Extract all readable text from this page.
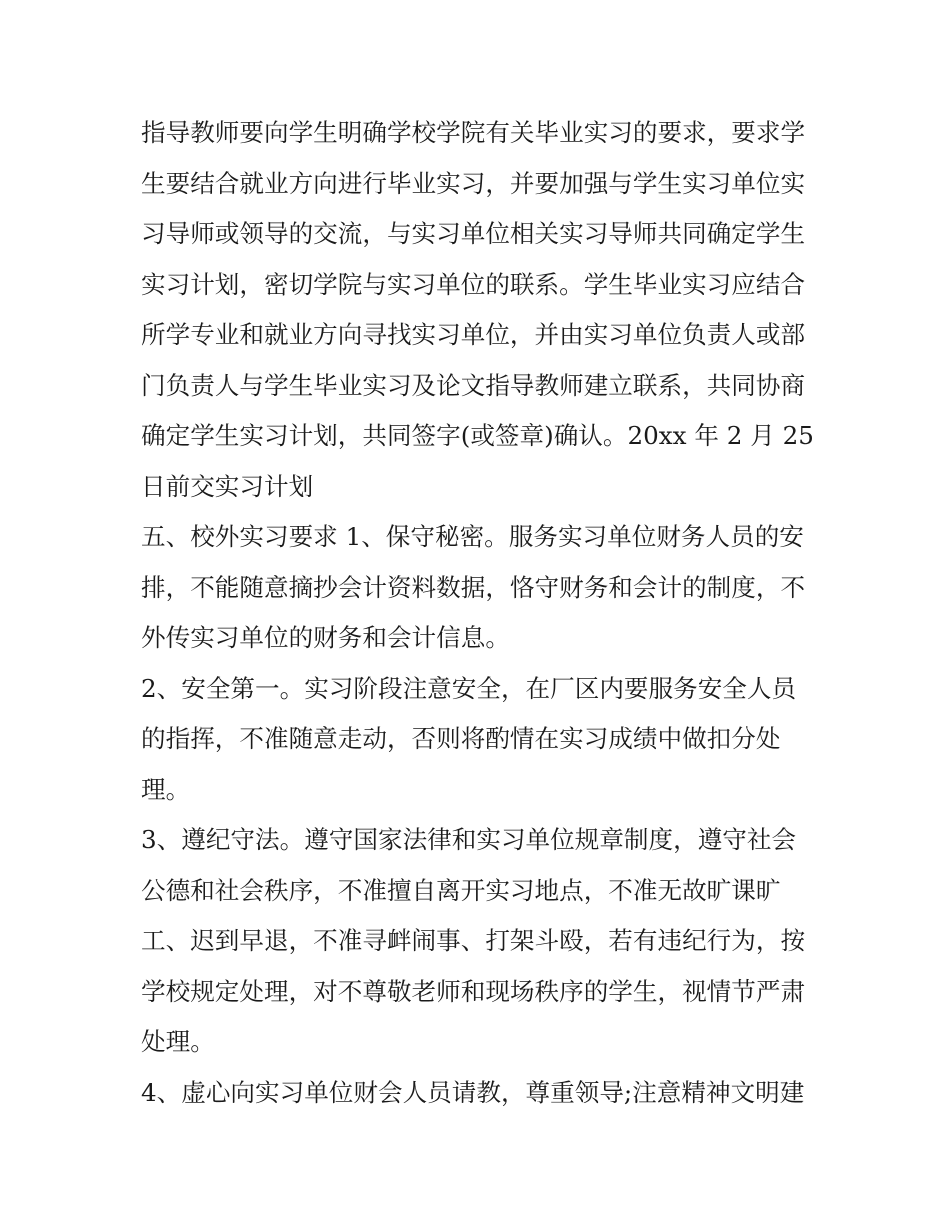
指导教师要向学生明确学校学院有关毕业实习的要求，要求学
生要结合就业方向进行毕业实习，并要加强与学生实习单位实
习导师或领导的交流，与实习单位相关实习导师共同确定学生
实习计划，密切学院与实习单位的联系。学生毕业实习应结合
所学专业和就业方向寻找实习单位，并由实习单位负责人或部
门负责人与学生毕业实习及论文指导教师建立联系，共同协商
确定学生实习计划，共同签字(或签章)确认。20xx 年 2 月 25
日前交实习计划
五、校外实习要求 1、保守秘密。服务实习单位财务人员的安
排，不能随意摘抄会计资料数据，恪守财务和会计的制度，不
外传实习单位的财务和会计信息。
2、安全第一。实习阶段注意安全，在厂区内要服务安全人员
的指挥，不准随意走动，否则将酌情在实习成绩中做扣分处
理。
3、遵纪守法。遵守国家法律和实习单位规章制度，遵守社会
公德和社会秩序，不准擅自离开实习地点，不准无故旷课旷
工、迟到早退，不准寻衅闹事、打架斗殴，若有违纪行为，按
学校规定处理，对不尊敬老师和现场秩序的学生，视情节严肃
处理。
4、虚心向实习单位财会人员请教，尊重领导;注意精神文明建
